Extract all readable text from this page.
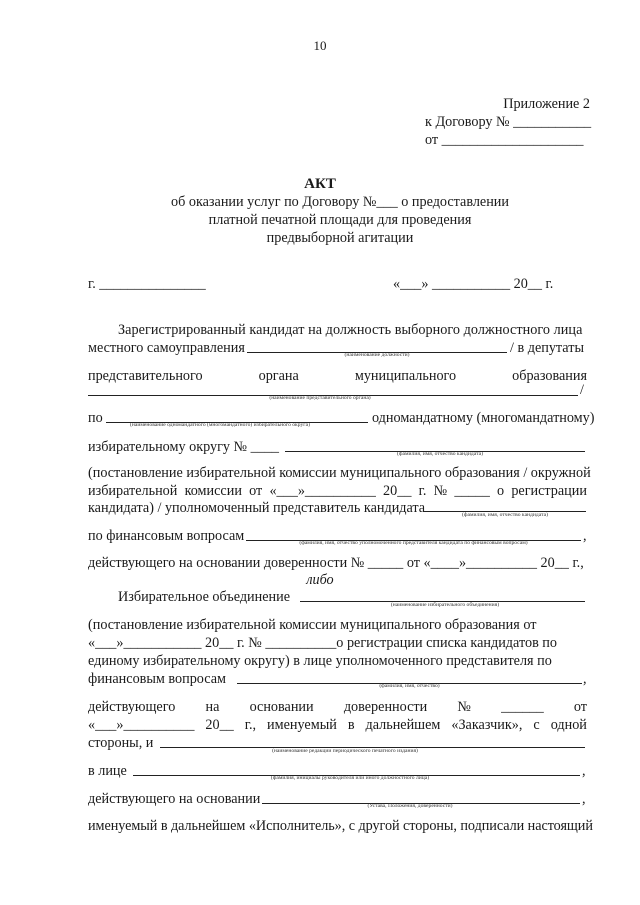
10
Приложение 2
к Договору № ___________
от ____________________
АКТ
об оказании услуг по Договору №___ о предоставлении
платной печатной площади для проведения
предвыборной агитации
г. _______________	«___» ___________ 20__ г.
Зарегистрированный кандидат на должность выборного должностного лица
местного самоуправления	/ в депутаты
(наименование должности)
представительного	органа	муниципального	образования
/
(наименование представительного органа)
по	одномандатному (многомандатному)
(наименование одномандатного (многомандатного) избирательного округа)
избирательному округу № ____	(фамилия, имя, отчество кандидата)
(постановление избирательной комиссии муниципального образования / окружной
избирательной комиссии от «___»__________ 20__ г. № _____ о регистрации
кандидата) / уполномоченный представитель кандидата	(фамилия, имя, отчество кандидата)
по финансовым вопросам	,
(фамилия, имя, отчество уполномоченного представителя кандидата по финансовым вопросам)
действующего на основании доверенности № _____ от «____»__________ 20__ г.,
либо
Избирательное объединение	(наименование избирательного объединения)
(постановление избирательной комиссии муниципального образования от
«___»___________ 20__ г. № __________о регистрации списка кандидатов по
единому избирательному округу) в лице уполномоченного представителя по
финансовым вопросам	,
(фамилия, имя, отчество)
действующего на основании доверенности № ______ от
«___»__________ 20__ г., именуемый в дальнейшем «Заказчик», с одной
стороны, и	(наименование редакции периодического печатного издания)
в лице	,
(фамилия, инициалы руководителя или иного должностного лица)
действующего на основании	,
(Устава, Положения, доверенности)
именуемый в дальнейшем «Исполнитель», с другой стороны, подписали настоящий
